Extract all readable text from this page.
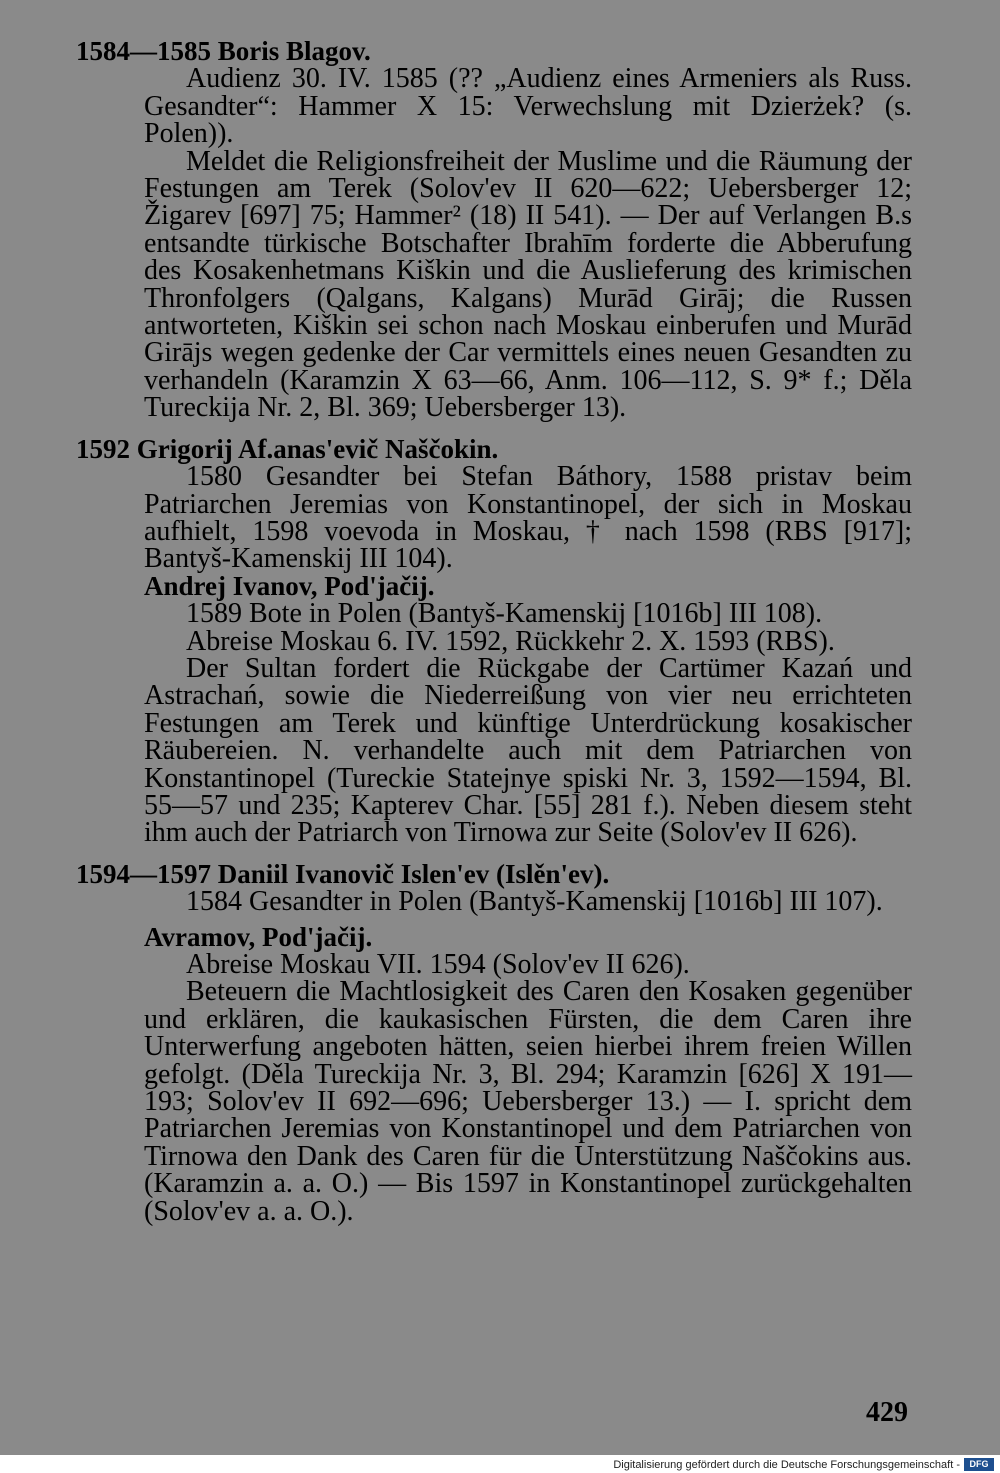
1584—1585 Boris Blagov.

Audienz 30. IV. 1585 (?? „Audienz eines Armeniers als Russ. Gesandter“: Hammer X 15: Verwechslung mit Dzierżek? (s. Polen)).

Meldet die Religionsfreiheit der Muslime und die Räumung der Festungen am Terek (Solov'ev II 620—622; Uebersberger 12; Žigarev [697] 75; Hammer² (18) II 541). — Der auf Verlangen B.s entsandte türkische Botschafter Ibrahīm forderte die Abberufung des Kosakenhetmans Kiškin und die Auslieferung des krimischen Thronfolgers (Qalgans, Kalgans) Murād Girāj; die Russen antworteten, Kiškin sei schon nach Moskau einberufen und Murād Girājs wegen gedenke der Car vermittels eines neuen Gesandten zu verhandeln (Karamzin X 63—66, Anm. 106—112, S. 9* f.; Děla Tureckija Nr. 2, Bl. 369; Uebersberger 13).

1592 Grigorij Af.anas'evič Naščokin.

1580 Gesandter bei Stefan Báthory, 1588 pristav beim Patriarchen Jeremias von Konstantinopel, der sich in Moskau aufhielt, 1598 voevoda in Moskau, † nach 1598 (RBS [917]; Bantyš-Kamenskij III 104).

Andrej Ivanov, Pod'jačij.

1589 Bote in Polen (Bantyš-Kamenskij [1016b] III 108).

Abreise Moskau 6. IV. 1592, Rückkehr 2. X. 1593 (RBS).

Der Sultan fordert die Rückgabe der Cartümer Kazań und Astrachań, sowie die Niederreißung von vier neu errichteten Festungen am Terek und künftige Unterdrückung kosakischer Räubereien. N. verhandelte auch mit dem Patriarchen von Konstantinopel (Tureckie Statejnye spiski Nr. 3, 1592—1594, Bl. 55—57 und 235; Kapterev Char. [55] 281 f.). Neben diesem steht ihm auch der Patriarch von Tirnowa zur Seite (Solov'ev II 626).

1594—1597 Daniil Ivanovič Islen'ev (Islěn'ev).

1584 Gesandter in Polen (Bantyš-Kamenskij [1016b] III 107).

Avramov, Pod'jačij.

Abreise Moskau VII. 1594 (Solov'ev II 626).

Beteuern die Machtlosigkeit des Caren den Kosaken gegenüber und erklären, die kaukasischen Fürsten, die dem Caren ihre Unterwerfung angeboten hätten, seien hierbei ihrem freien Willen gefolgt. (Děla Tureckija Nr. 3, Bl. 294; Karamzin [626] X 191—193; Solov'ev II 692—696; Uebersberger 13.) — I. spricht dem Patriarchen Jeremias von Konstantinopel und dem Patriarchen von Tirnowa den Dank des Caren für die Unterstützung Naščokins aus. (Karamzin a. a. O.) — Bis 1597 in Konstantinopel zurückgehalten (Solov'ev a. a. O.).

429
Digitalisierung gefördert durch die Deutsche Forschungsgemeinschaft -	DFG
